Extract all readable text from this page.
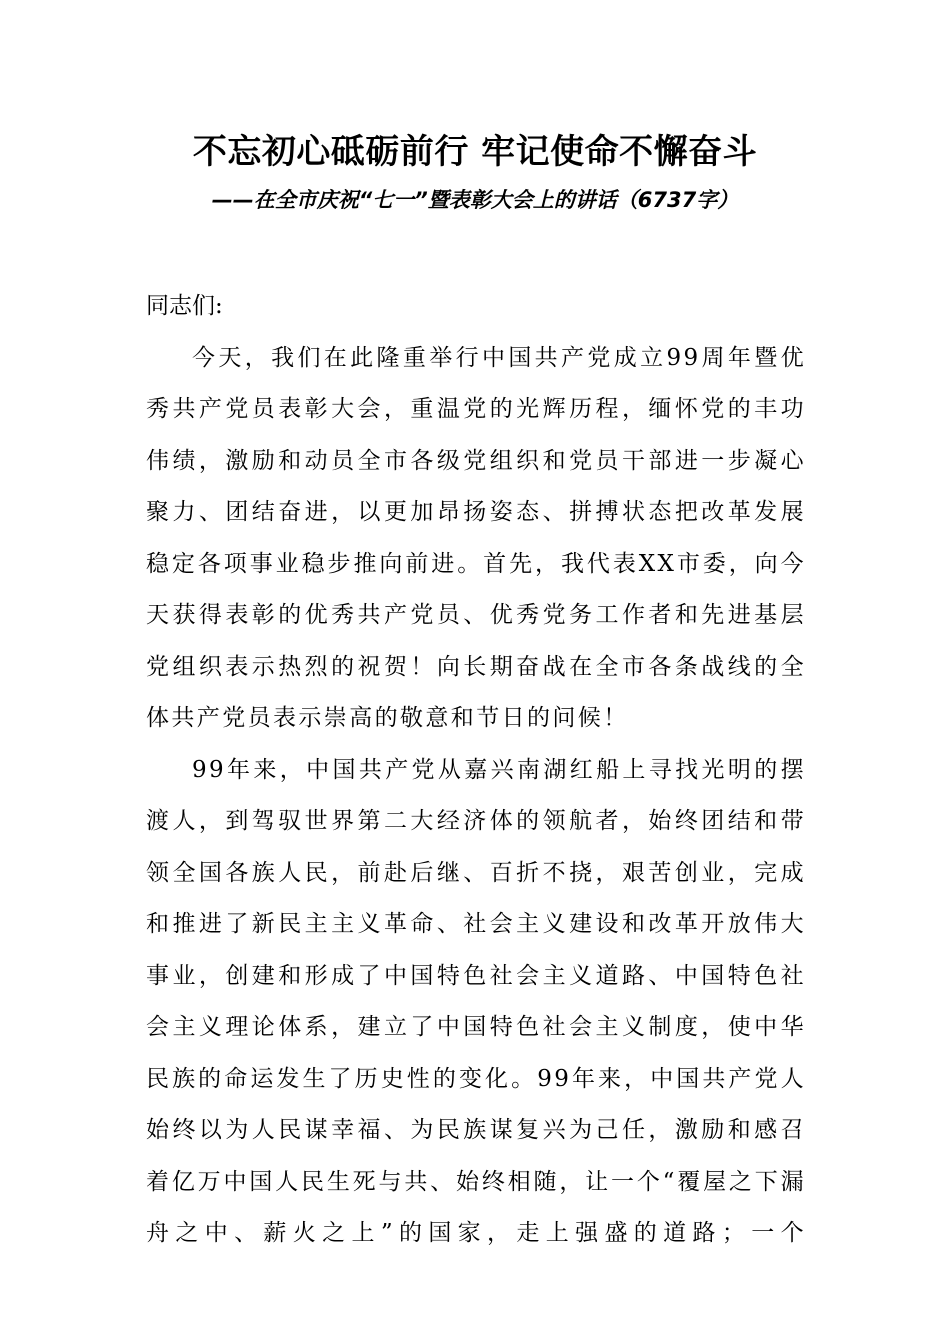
不忘初心砥砺前行 牢记使命不懈奋斗
——在全市庆祝“七一”暨表彰大会上的讲话（6737字）

同志们:

今天，我们在此隆重举行中国共产党成立99周年暨优秀共产党员表彰大会，重温党的光辉历程，缅怀党的丰功伟绩，激励和动员全市各级党组织和党员干部进一步凝心聚力、团结奋进，以更加昂扬姿态、拼搏状态把改革发展稳定各项事业稳步推向前进。首先，我代表XX市委，向今天获得表彰的优秀共产党员、优秀党务工作者和先进基层党组织表示热烈的祝贺！向长期奋战在全市各条战线的全体共产党员表示崇高的敬意和节日的问候！

99年来，中国共产党从嘉兴南湖红船上寻找光明的摆渡人，到驾驭世界第二大经济体的领航者，始终团结和带领全国各族人民，前赴后继、百折不挠，艰苦创业，完成和推进了新民主主义革命、社会主义建设和改革开放伟大事业，创建和形成了中国特色社会主义道路、中国特色社会主义理论体系，建立了中国特色社会主义制度，使中华民族的命运发生了历史性的变化。99年来，中国共产党人始终以为人民谋幸福、为民族谋复兴为己任，激励和感召着亿万中国人民生死与共、始终相随，让一个“覆屋之下漏舟之中、薪火之上”的国家，走上强盛的道路；一个
